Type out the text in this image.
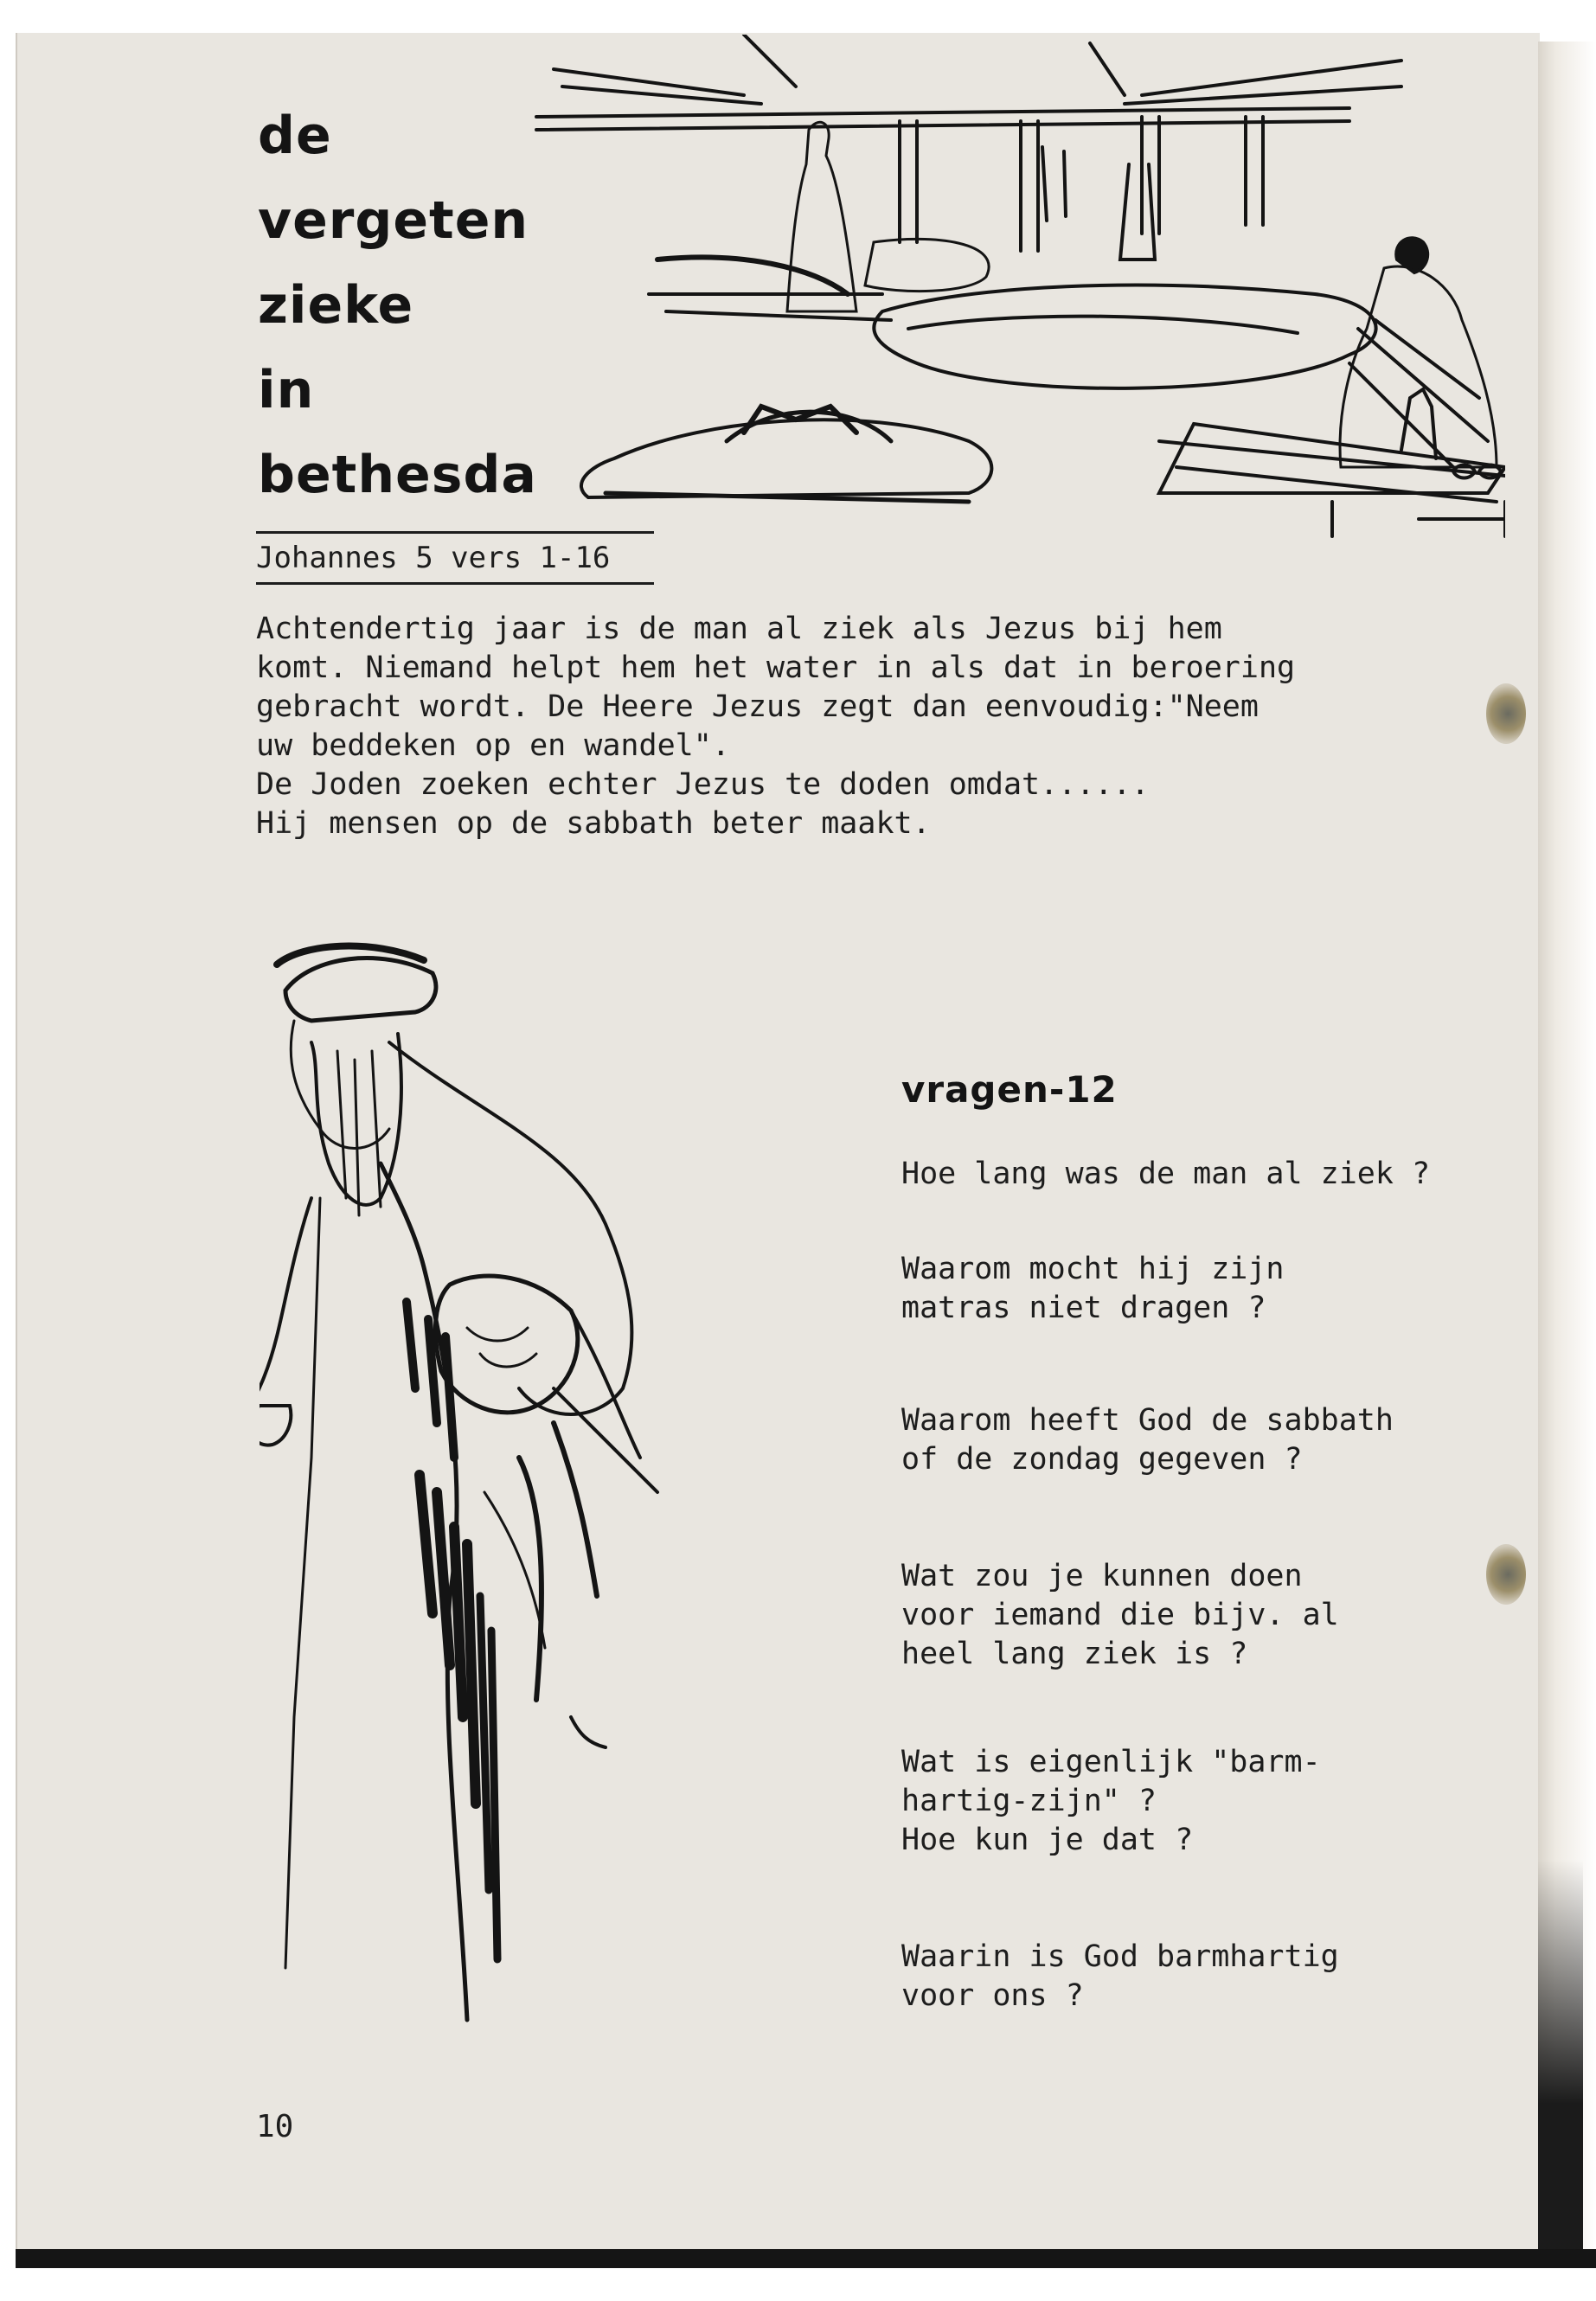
de
vergeten
zieke
in
bethesda
Johannes 5 vers 1-16

Achtendertig jaar is de man al ziek als Jezus bij hem

komt. Niemand helpt hem het water in als dat in beroering

gebracht wordt. De Heere Jezus zegt dan eenvoudig:"Neem

uw beddeken op en wandel".

De Joden zoeken echter Jezus te doden omdat......

Hij mensen op de sabbath beter maakt.

vragen-12
Hoe lang was de man al ziek ?
Waarom mocht hij zijn
matras niet dragen ?
Waarom heeft God de sabbath
of de zondag gegeven ?
Wat zou je kunnen doen
voor iemand die bijv. al
heel lang ziek is ?
Wat is eigenlijk "barm-
hartig-zijn" ?
Hoe kun je dat ?
Waarin is God barmhartig
voor ons ?
10
